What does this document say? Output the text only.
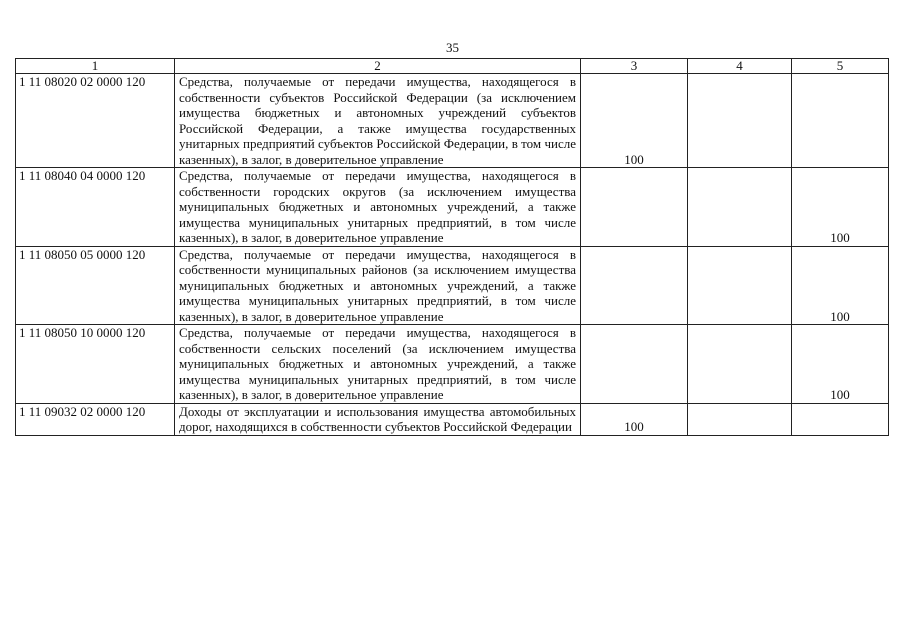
35
1	2	3	4	5
1 11 08020 02 0000 120	Средства, получаемые от передачи имущества, находящегося в собственности субъектов Российской Федерации (за исключением имущества бюджетных и автономных учреждений субъектов Российской Федерации, а также имущества государственных унитарных предприятий субъектов Российской Федерации, в том числе казенных), в залог, в доверительное управление	100		
1 11 08040 04 0000 120	Средства, получаемые от передачи имущества, находящегося в собственности городских округов (за исключением имущества муниципальных бюджетных и автономных учреждений, а также имущества муниципальных унитарных предприятий, в том числе казенных), в залог, в доверительное управление			100
1 11 08050 05 0000 120	Средства, получаемые от передачи имущества, находящегося в собственности муниципальных районов (за исключением имущества муниципальных бюджетных и автономных учреждений, а также имущества муниципальных унитарных предприятий, в том числе казенных), в залог, в доверительное управление			100
1 11 08050 10 0000 120	Средства, получаемые от передачи имущества, находящегося в собственности сельских поселений (за исключением имущества муниципальных бюджетных и автономных учреждений, а также имущества муниципальных унитарных предприятий, в том числе казенных), в залог, в доверительное управление			100
1 11 09032 02 0000 120	Доходы от эксплуатации и использования имущества автомобильных дорог, находящихся в собственности субъектов Российской Федерации	100		
